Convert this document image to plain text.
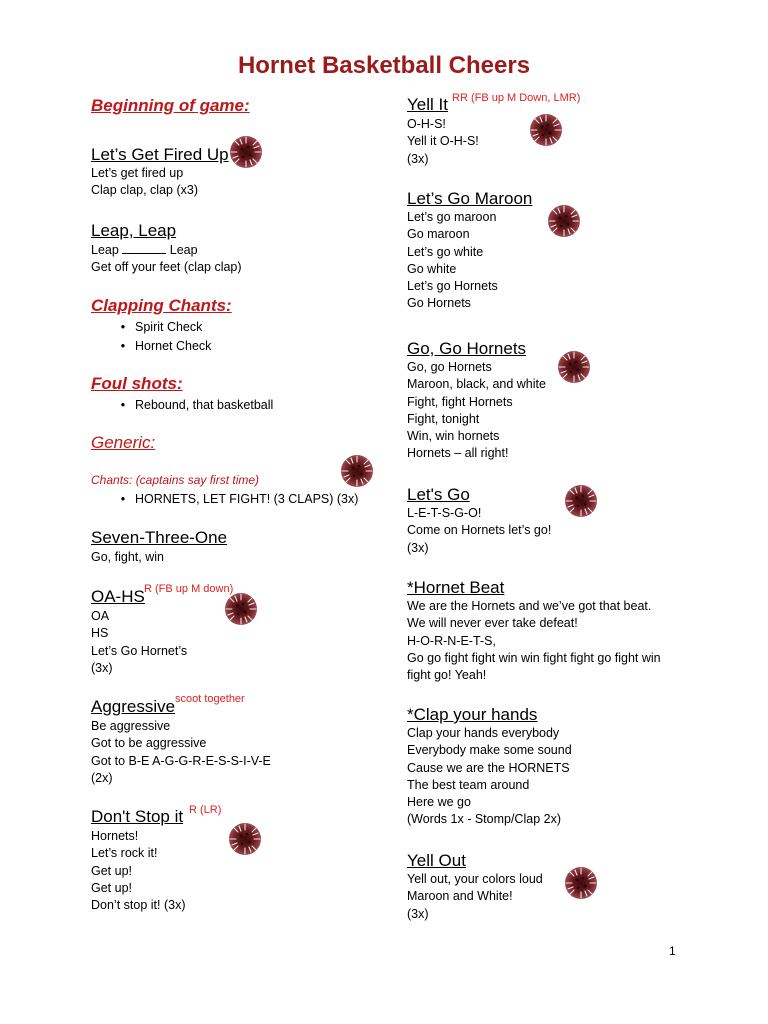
Hornet Basketball Cheers
Beginning of game:
Let’s Get Fired Up
Let’s get fired up
Clap clap, clap (x3)
Leap, Leap
Leap	Leap
Get off your feet (clap clap)
Clapping Chants:
• Spirit Check
• Hornet Check
Foul shots:
• Rebound, that basketball
Generic:
Chants: (captains say first time)
• HORNETS, LET FIGHT! (3 CLAPS) (3x)
Seven-Three-One
Go, fight, win
OA-HS R (FB up M down)
OA
HS
Let’s Go Hornet’s
(3x)
Aggressive scoot together
Be aggressive
Got to be aggressive
Got to B-E A-G-G-R-E-S-S-I-V-E
(2x)
Don't Stop it R (LR)
Hornets!
Let’s rock it!
Get up!
Get up!
Don’t stop it! (3x)
Yell It RR (FB up M Down, LMR)
O-H-S!
Yell it O-H-S!
(3x)
Let’s Go Maroon
Let’s go maroon
Go maroon
Let’s go white
Go white
Let’s go Hornets
Go Hornets
Go, Go Hornets
Go, go Hornets
Maroon, black, and white
Fight, fight Hornets
Fight, tonight
Win, win hornets
Hornets – all right!
Let's Go
L-E-T-S-G-O!
Come on Hornets let’s go!
(3x)
*Hornet Beat
We are the Hornets and we’ve got that beat.
We will never ever take defeat!
H-O-R-N-E-T-S,
Go go fight fight win win fight fight go fight win
fight go! Yeah!
*Clap your hands
Clap your hands everybody
Everybody make some sound
Cause we are the HORNETS
The best team around
Here we go
(Words 1x - Stomp/Clap 2x)
Yell Out
Yell out, your colors loud
Maroon and White!
(3x)
1
